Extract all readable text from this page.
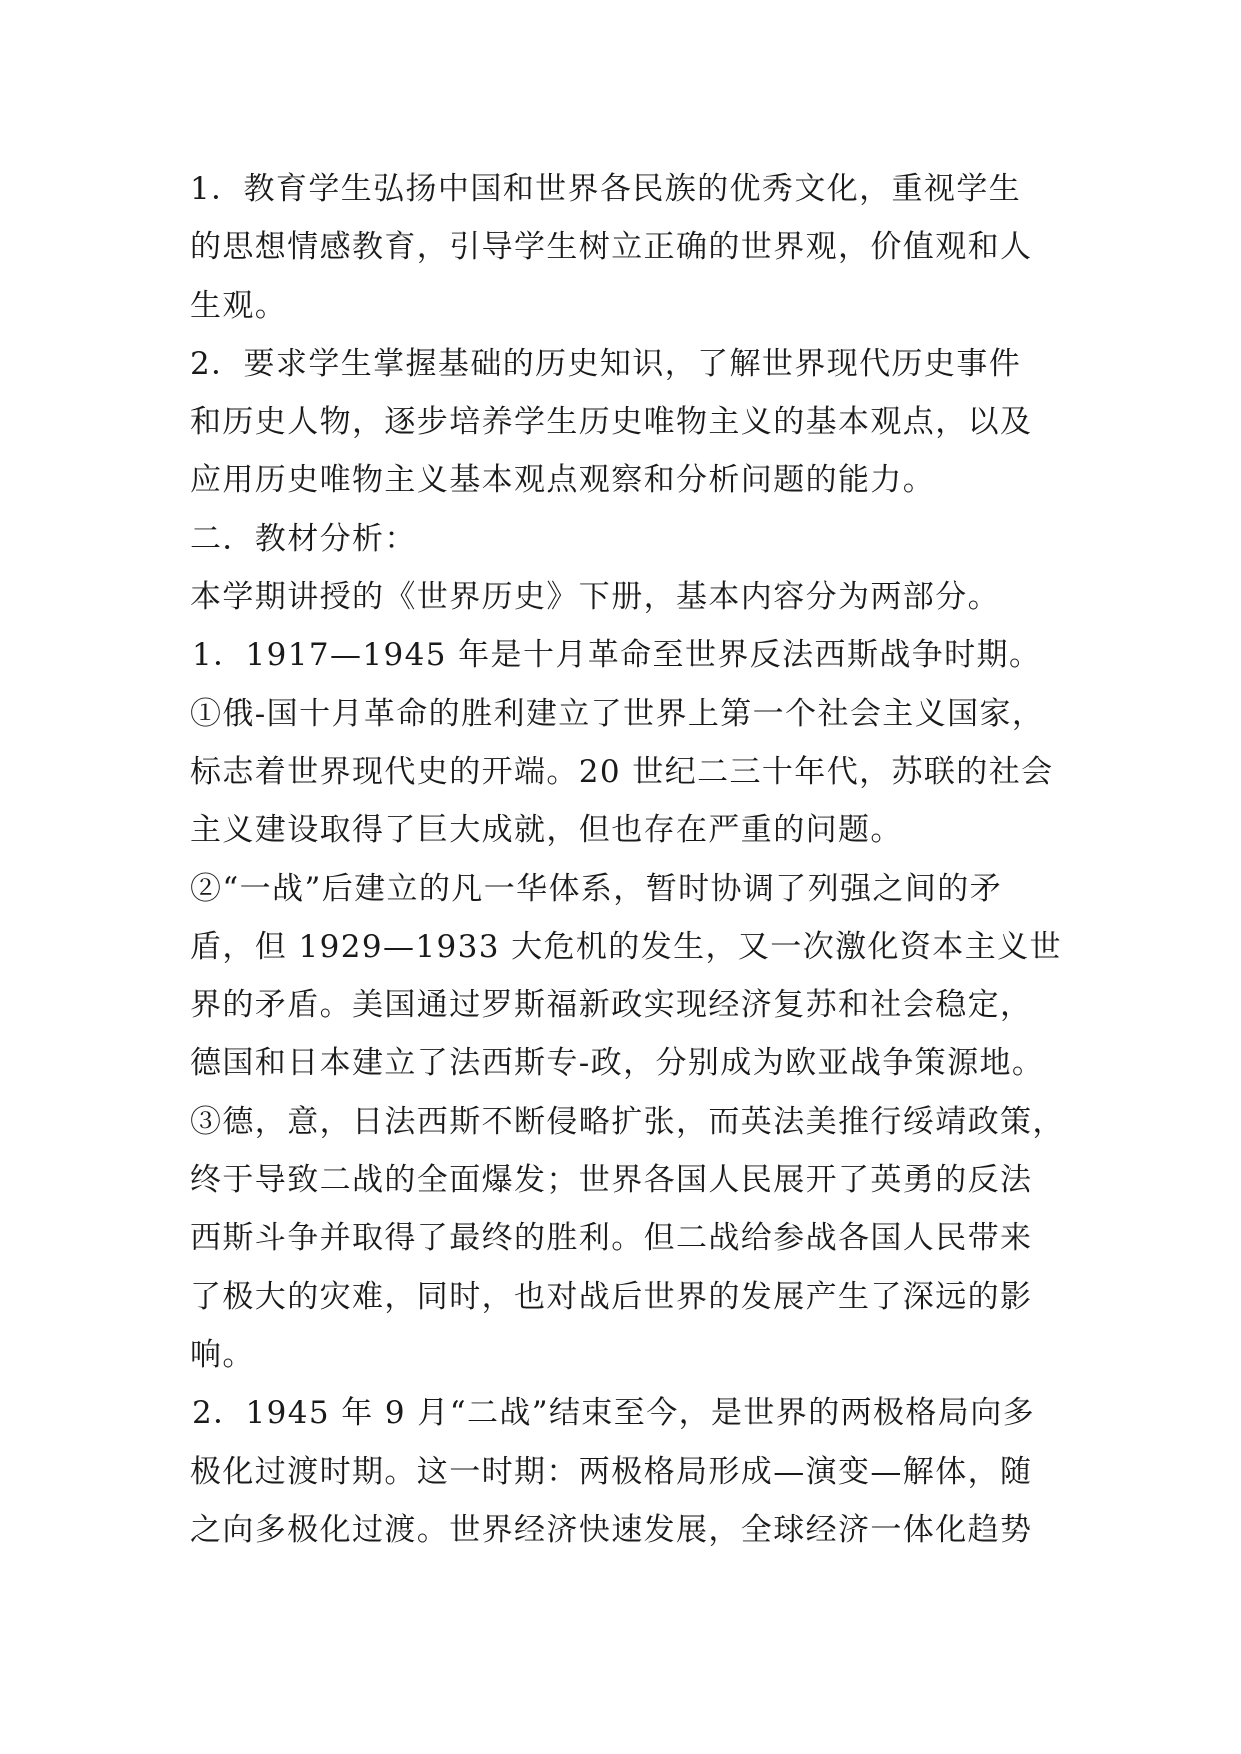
1．教育学生弘扬中国和世界各民族的优秀文化，重视学生
的思想情感教育，引导学生树立正确的世界观，价值观和人
生观。
2．要求学生掌握基础的历史知识，了解世界现代历史事件
和历史人物，逐步培养学生历史唯物主义的基本观点，以及
应用历史唯物主义基本观点观察和分析问题的能力。
二．教材分析：
本学期讲授的《世界历史》下册，基本内容分为两部分。
1．1917—1945 年是十月革命至世界反法西斯战争时期。
①俄-国十月革命的胜利建立了世界上第一个社会主义国家，
标志着世界现代史的开端。20 世纪二三十年代，苏联的社会
主义建设取得了巨大成就，但也存在严重的问题。
②“一战”后建立的凡一华体系，暂时协调了列强之间的矛
盾，但 1929—1933 大危机的发生，又一次激化资本主义世
界的矛盾。美国通过罗斯福新政实现经济复苏和社会稳定，
德国和日本建立了法西斯专-政，分别成为欧亚战争策源地。
③德，意，日法西斯不断侵略扩张，而英法美推行绥靖政策，
终于导致二战的全面爆发；世界各国人民展开了英勇的反法
西斯斗争并取得了最终的胜利。但二战给参战各国人民带来
了极大的灾难，同时，也对战后世界的发展产生了深远的影
响。
2．1945 年 9 月“二战”结束至今，是世界的两极格局向多
极化过渡时期。这一时期：两极格局形成—演变—解体，随
之向多极化过渡。世界经济快速发展，全球经济一体化趋势
